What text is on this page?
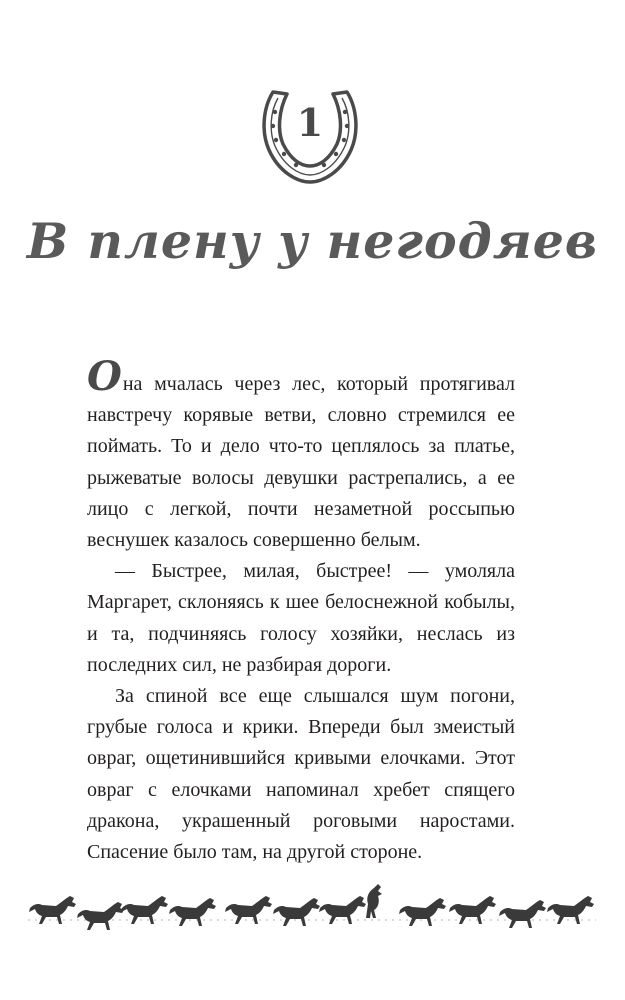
1
В плену у негодяев

Она мчалась через лес, который протягивал навстречу корявые ветви, словно стремился ее поймать. То и дело что-то цеплялось за платье, рыжеватые волосы девушки растрепались, а ее лицо с легкой, почти незаметной россыпью веснушек казалось совершенно белым.

— Быстрее, милая, быстрее! — умоляла Маргарет, склоняясь к шее белоснежной кобылы, и та, подчиняясь голосу хозяйки, неслась из последних сил, не разбирая дороги.

За спиной все еще слышался шум погони, грубые голоса и крики. Впереди был змеистый овраг, ощетинившийся кривыми елочками. Этот овраг с елочками напоминал хребет спящего дракона, украшенный роговыми наростами. Спасение было там, на другой стороне.
